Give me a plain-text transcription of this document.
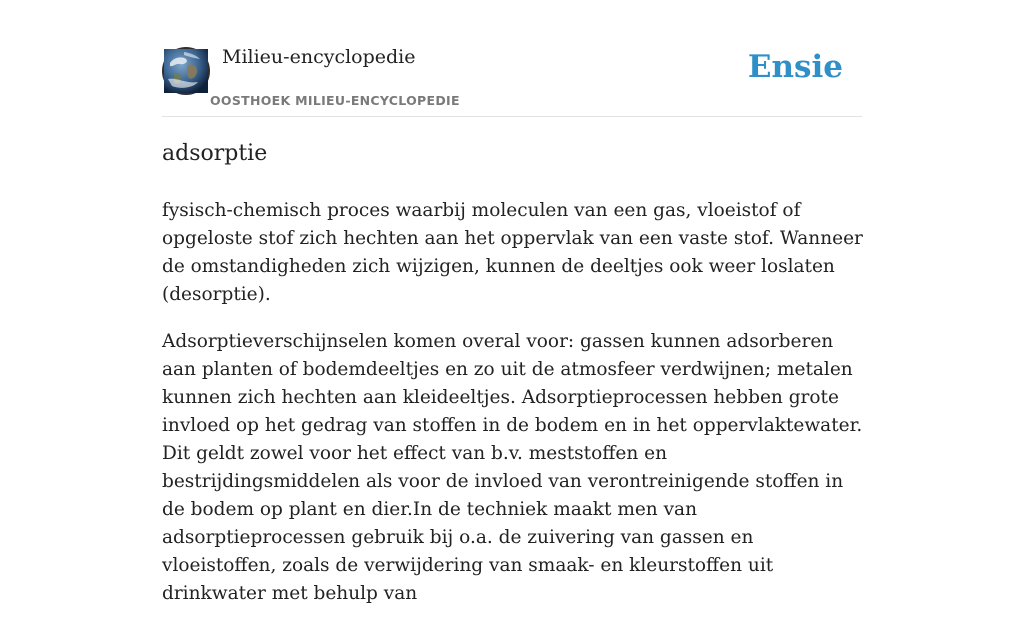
Milieu-encyclopedie
OOSTHOEK MILIEU-ENCYCLOPEDIE
Ensie
adsorptie

fysisch-chemisch proces waarbij moleculen van een gas, vloeistof of opgeloste stof zich hechten aan het oppervlak van een vaste stof. Wanneer de omstandigheden zich wijzigen, kunnen de deeltjes ook weer loslaten (desorptie).

Adsorptieverschijnselen komen overal voor: gassen kunnen adsorberen aan planten of bodemdeeltjes en zo uit de atmosfeer verdwijnen; metalen kunnen zich hechten aan kleideeltjes. Adsorptieprocessen hebben grote invloed op het gedrag van stoffen in de bodem en in het oppervlaktewater. Dit geldt zowel voor het effect van b.v. meststoffen en bestrijdingsmiddelen als voor de invloed van verontreinigende stoffen in de bodem op plant en dier.In de techniek maakt men van adsorptieprocessen gebruik bij o.a. de zuivering van gassen en vloeistoffen, zoals de verwijdering van smaak- en kleurstoffen uit drinkwater met behulp van
